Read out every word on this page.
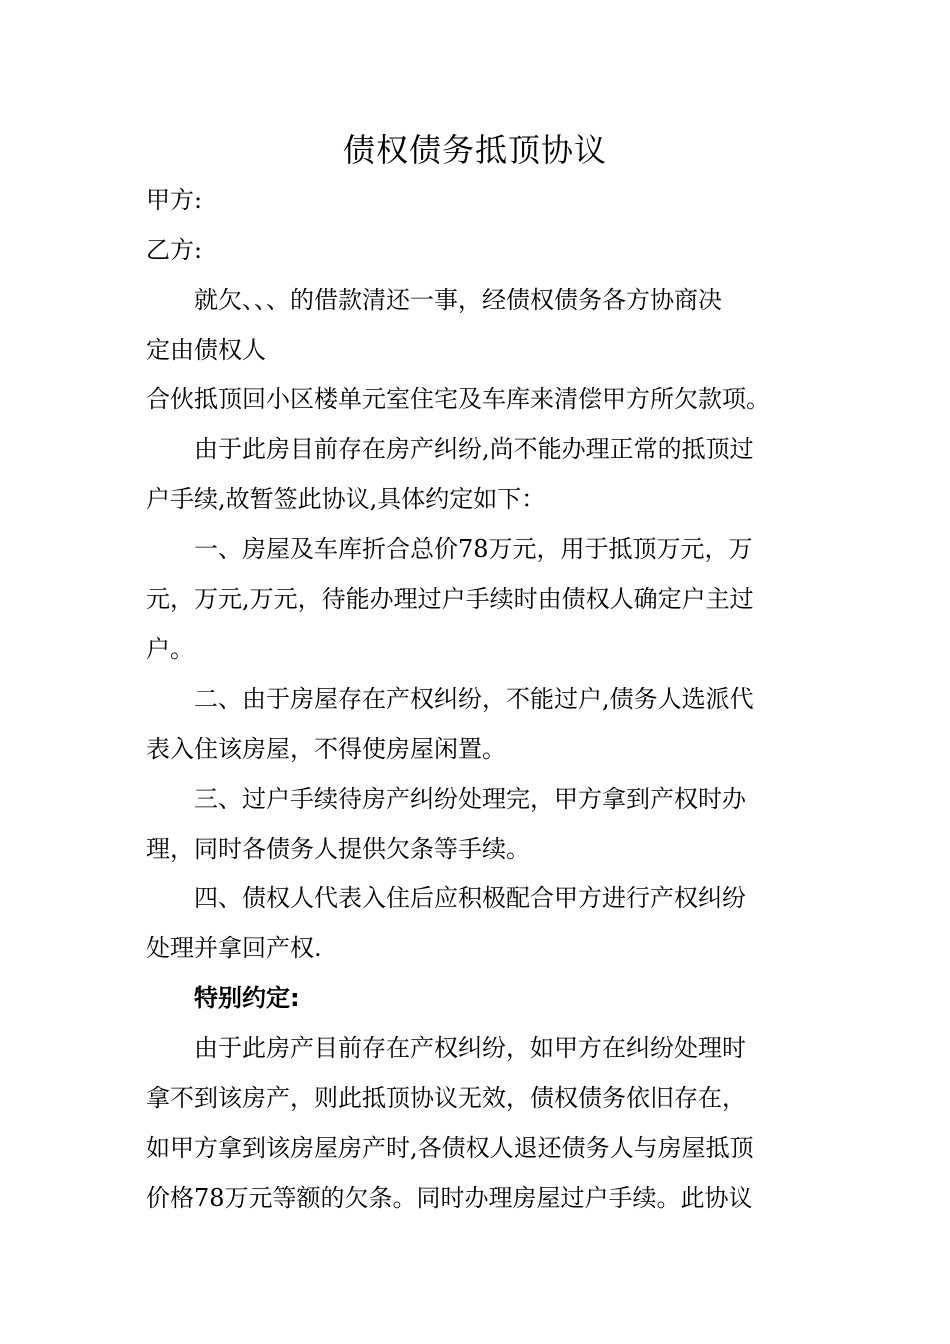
债权债务抵顶协议
甲方:
乙方:
就欠、、、的借款清还一事，经债权债务各方协商决
定由债权人
合伙抵顶回小区楼单元室住宅及车库来清偿甲方所欠款项。
由于此房目前存在房产纠纷,尚不能办理正常的抵顶过
户手续,故暂签此协议,具体约定如下：
一、房屋及车库折合总价78万元，用于抵顶万元，万
元，万元,万元，待能办理过户手续时由债权人确定户主过
户。
二、由于房屋存在产权纠纷，不能过户,债务人选派代
表入住该房屋，不得使房屋闲置。
三、过户手续待房产纠纷处理完，甲方拿到产权时办
理，同时各债务人提供欠条等手续。
四、债权人代表入住后应积极配合甲方进行产权纠纷
处理并拿回产权.
特别约定:
由于此房产目前存在产权纠纷，如甲方在纠纷处理时
拿不到该房产，则此抵顶协议无效，债权债务依旧存在，
如甲方拿到该房屋房产时,各债权人退还债务人与房屋抵顶
价格78万元等额的欠条。同时办理房屋过户手续。此协议
